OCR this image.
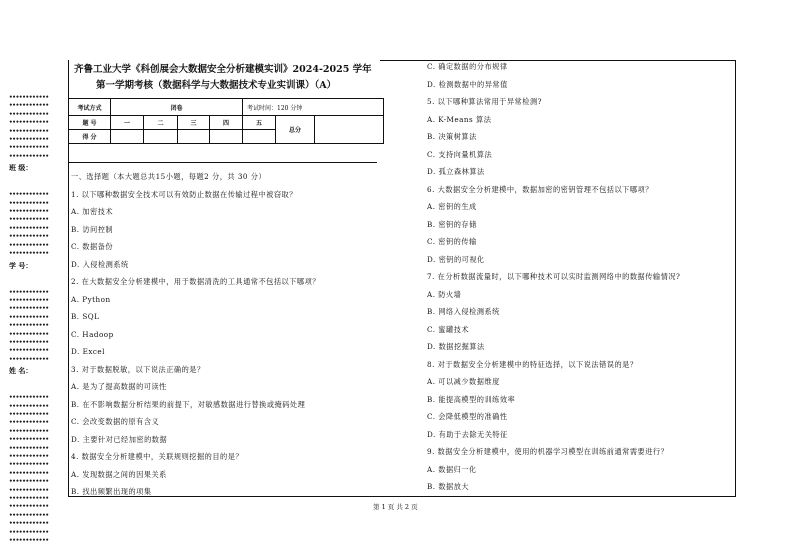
••••••••••••
••••••••••••
••••••••••••
••••••••••••
••••••••••••
••••••••••••
••••••••••••
••••••••••••
班 级：
••••••••••••
••••••••••••
••••••••••••
••••••••••••
••••••••••••
••••••••••••
••••••••••••
••••••••••••
学 号：
••••••••••••
••••••••••••
••••••••••••
••••••••••••
••••••••••••
••••••••••••
••••••••••••
••••••••••••
••••••••••••
姓 名：
••••••••••••
••••••••••••
••••••••••••
••••••••••••
••••••••••••
••••••••••••
••••••••••••
••••••••••••
••••••••••••
••••••••••••
••••••••••••
••••••••••••
••••••••••••
••••••••••••
••••••••••••
••••••••••••
••••••••••••
••••••••••••
齐鲁工业大学《科创展会大数据安全分析建模实训》2024-2025 学年
第一学期考核（数据科学与大数据技术专业实训课）（A）
考试方式	闭卷				考试时间：120 分钟		
题 号	一	二	三	四	五	总分	
得 分							
一、选择题（本大题总共15小题，每题2 分，共 30 分）
1. 以下哪种数据安全技术可以有效防止数据在传输过程中被窃取？
A. 加密技术
B. 访问控制
C. 数据备份
D. 入侵检测系统
2. 在大数据安全分析建模中，用于数据清洗的工具通常不包括以下哪项？
A. Python
B. SQL
C. Hadoop
D. Excel
3. 对于数据脱敏，以下说法正确的是？
A. 是为了提高数据的可读性
B. 在不影响数据分析结果的前提下，对敏感数据进行替换或掩码处理
C. 会改变数据的原有含义
D. 主要针对已经加密的数据
4. 数据安全分析建模中，关联规则挖掘的目的是？
A. 发现数据之间的因果关系
B. 找出频繁出现的项集
C. 确定数据的分布规律
D. 检测数据中的异常值
5. 以下哪种算法常用于异常检测?
A. K-Means 算法
B. 决策树算法
C. 支持向量机算法
D. 孤立森林算法
6. 大数据安全分析建模中，数据加密的密钥管理不包括以下哪项？
A. 密钥的生成
B. 密钥的存储
C. 密钥的传输
D. 密钥的可视化
7. 在分析数据流量时，以下哪种技术可以实时监测网络中的数据传输情况?
A. 防火墙
B. 网络入侵检测系统
C. 蜜罐技术
D. 数据挖掘算法
8. 对于数据安全分析建模中的特征选择，以下说法错误的是？
A. 可以减少数据维度
B. 能提高模型的训练效率
C. 会降低模型的准确性
D. 有助于去除无关特征
9. 数据安全分析建模中，使用的机器学习模型在训练前通常需要进行？
A. 数据归一化
B. 数据放大
第 1 页 共 2 页
